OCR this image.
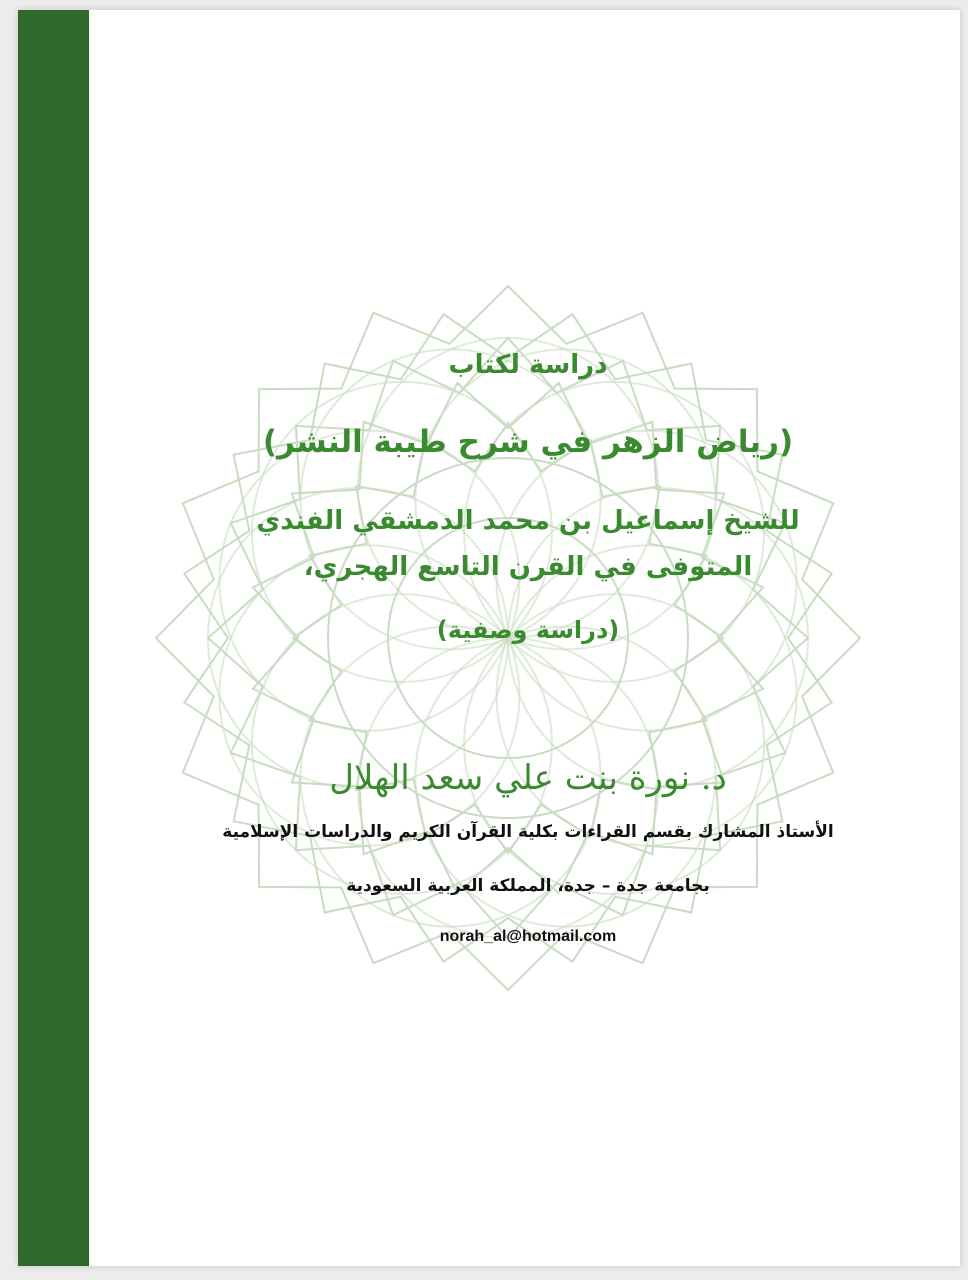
دراسة لكتاب
(رياض الزهر في شرح طيبة النشر)
للشيخ إسماعيل بن محمد الدمشقي الفندي
المتوفى في القرن التاسع الهجري،
(دراسة وصفية)
د. نورة بنت علي سعد الهلال
الأستاذ المشارك بقسم القراءات بكلية القرآن الكريم والدراسات الإسلامية
بجامعة جدة – جدة، المملكة العربية السعودية
norah_al@hotmail.com
